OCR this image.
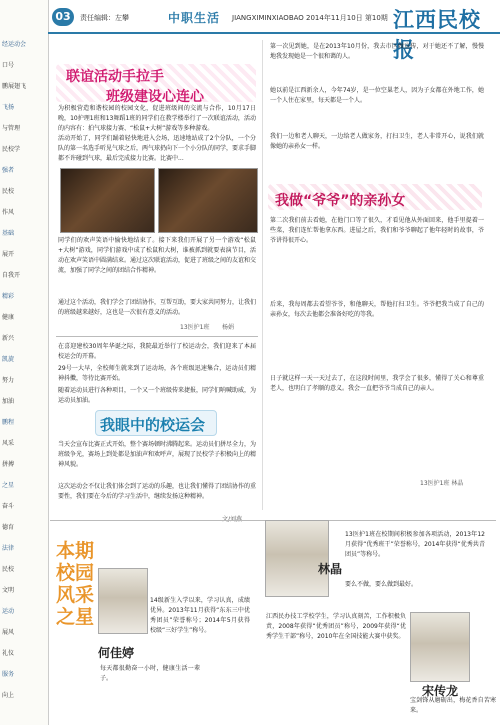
经运动会
口号
鹏展翅飞
飞扬
与管理
民校学
强者
民校
作风
基础
展开
自我开
精彩
健康
新兴
凯旋
努力
加油
鹏程
风采
拼搏
之星
奋斗
德育
法律
民校
文明
运动
展风
礼仪
服务
向上
03	责任编辑：左攀	中职生活 JIANGXIMINXIAOBAO 2014年11月10日 第10期 江西民校报
联谊活动手拉手
班级建设心连心
为积极营造和谐校园的校园文化，促进班级间的交流与合作，10月17日晚，10护理1班和13舞蹈1班的同学们在教学楼举行了一次联谊活动，活动的内容有：拍气球接力赛、“松鼠+大树”游戏等多种游戏。
活动开始了，同学们踊着轻快地进入会场，迅速地站成了2个分队，一个分队的第一名选手听见气球之后，两气球扔向下一个小分队的同学，要求手脚都不许碰到气球，最后完成接力比赛。比赛中...
同学们的欢声笑语中愉快地结束了。接下来我们开展了另一个游戏“松鼠+大树”游戏，同学们游戏中成了松鼠和大树，谁被抓到就要表演节目，活动在欢声笑语中圆满结束。通过这次联谊活动，促进了班级之间的友谊和交流，加强了同学之间的团结合作精神。
通过这个活动，我们学会了团结协作，互帮互助，要大家共同努力，让我们的班级越来越好，这也是一次很有意义的活动。
13医护1班 杨娟
在喜迎建校30周年华诞之际，我院最近举行了校运动会，我们迎来了本届校运会的开幕。
29号一大早，全校师生就来到了运动场，各个班级迅速集合，运动员们精神抖擞，等待比赛开始。
随着运动员进行各种项目，一个又一个班级传来捷报，同学们呐喊助威，为运动员加油。
我眼中的校运会
当天会宣布比赛正式开始，整个赛场顿时沸腾起来。运动员们拼尽全力，为班级争光，赛场上到处都是加油声和欢呼声，展现了民校学子积极向上的精神风貌。
这次运动会不仅让我们体会到了运动的乐趣，也让我们懂得了团结协作的重要性，我们要在今后的学习生活中，继续发扬这种精神。
第一次见到她，是在2013年10月份，我去市区做宣传，对于她还不了解，慢慢地我发现她是一个很和蔼的人。
她以前是江西新余人，今年74岁，是一位空巢老人，因为子女都在外地工作，她一个人住在家里，每天都是一个人。
我们一边和老人聊天，一边给老人做家务，打扫卫生，老人非常开心，说我们就像她的亲孙女一样。
我做“爷爷”的亲孙女
第二次我们前去看她，在他门口等了很久，才看见他从外面回来，他手里提着一些菜，我们连忙帮他拿东西。进屋之后，我们和爷爷聊起了他年轻时的故事，爷爷讲得很开心。
后来，我每周都去看望爷爷，和他聊天，帮他打扫卫生。爷爷把我当成了自己的亲孙女，每次去他都会准备好吃的等我。
日子就这样一天一天过去了，在这段时间里，我学会了很多，懂得了关心和尊重老人，也明白了孝顺的意义。我会一直把爷爷当成自己的亲人。
13医护1班 林晶
本期校园风采之星
何佳婷
14级新生入学以来，学习认真，成绩优异。2013年11月获得“东东三中优秀团员”荣誉称号；2014年5月获得校级“三好学生”称号。
每天都很勤奋一小时，健康生活一辈子。
林晶
13医护1班在校期间积极参加各项活动，2013年12月获得“优秀班干”荣誉称号，2014年获得“优秀共青团员”等称号。
要么不做，要么做到最好。
宋传龙
江西民办技工学校学生，学习认真刻苦，工作积极负责，2008年获得“优秀团员”称号，2009年获得“优秀学生干部”称号，2010年在全国技能大赛中获奖。
宝剑锋从磨砺出，梅花香自苦寒来。
